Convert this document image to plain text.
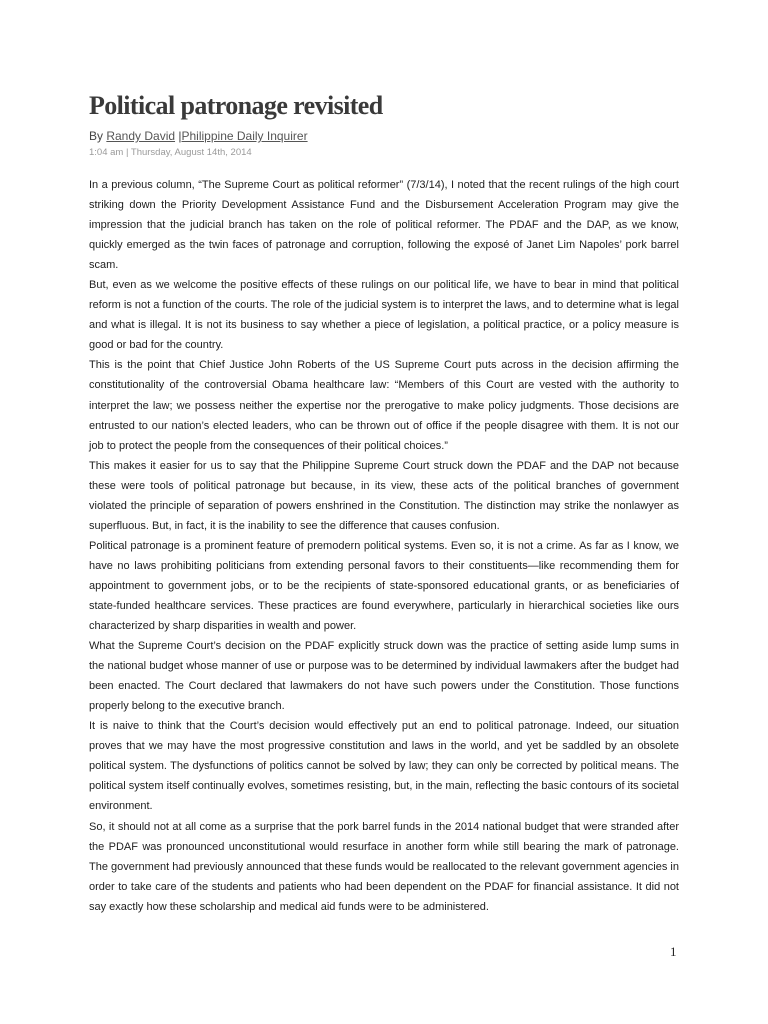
Political patronage revisited
By Randy David |Philippine Daily Inquirer
1:04 am | Thursday, August 14th, 2014

In a previous column, “The Supreme Court as political reformer” (7/3/14), I noted that the recent rulings of the high court striking down the Priority Development Assistance Fund and the Disbursement Acceleration Program may give the impression that the judicial branch has taken on the role of political reformer. The PDAF and the DAP, as we know, quickly emerged as the twin faces of patronage and corruption, following the exposé of Janet Lim Napoles’ pork barrel scam.

But, even as we welcome the positive effects of these rulings on our political life, we have to bear in mind that political reform is not a function of the courts. The role of the judicial system is to interpret the laws, and to determine what is legal and what is illegal. It is not its business to say whether a piece of legislation, a political practice, or a policy measure is good or bad for the country.

This is the point that Chief Justice John Roberts of the US Supreme Court puts across in the decision affirming the constitutionality of the controversial Obama healthcare law: “Members of this Court are vested with the authority to interpret the law; we possess neither the expertise nor the prerogative to make policy judgments. Those decisions are entrusted to our nation’s elected leaders, who can be thrown out of office if the people disagree with them. It is not our job to protect the people from the consequences of their political choices.”

This makes it easier for us to say that the Philippine Supreme Court struck down the PDAF and the DAP not because these were tools of political patronage but because, in its view, these acts of the political branches of government violated the principle of separation of powers enshrined in the Constitution. The distinction may strike the nonlawyer as superfluous. But, in fact, it is the inability to see the difference that causes confusion.

Political patronage is a prominent feature of premodern political systems. Even so, it is not a crime. As far as I know, we have no laws prohibiting politicians from extending personal favors to their constituents—like recommending them for appointment to government jobs, or to be the recipients of state-sponsored educational grants, or as beneficiaries of state-funded healthcare services. These practices are found everywhere, particularly in hierarchical societies like ours characterized by sharp disparities in wealth and power.

What the Supreme Court’s decision on the PDAF explicitly struck down was the practice of setting aside lump sums in the national budget whose manner of use or purpose was to be determined by individual lawmakers after the budget had been enacted. The Court declared that lawmakers do not have such powers under the Constitution. Those functions properly belong to the executive branch.

It is naive to think that the Court’s decision would effectively put an end to political patronage. Indeed, our situation proves that we may have the most progressive constitution and laws in the world, and yet be saddled by an obsolete political system. The dysfunctions of politics cannot be solved by law; they can only be corrected by political means. The political system itself continually evolves, sometimes resisting, but, in the main, reflecting the basic contours of its societal environment.

So, it should not at all come as a surprise that the pork barrel funds in the 2014 national budget that were stranded after the PDAF was pronounced unconstitutional would resurface in another form while still bearing the mark of patronage. The government had previously announced that these funds would be reallocated to the relevant government agencies in order to take care of the students and patients who had been dependent on the PDAF for financial assistance. It did not say exactly how these scholarship and medical aid funds were to be administered.

1
